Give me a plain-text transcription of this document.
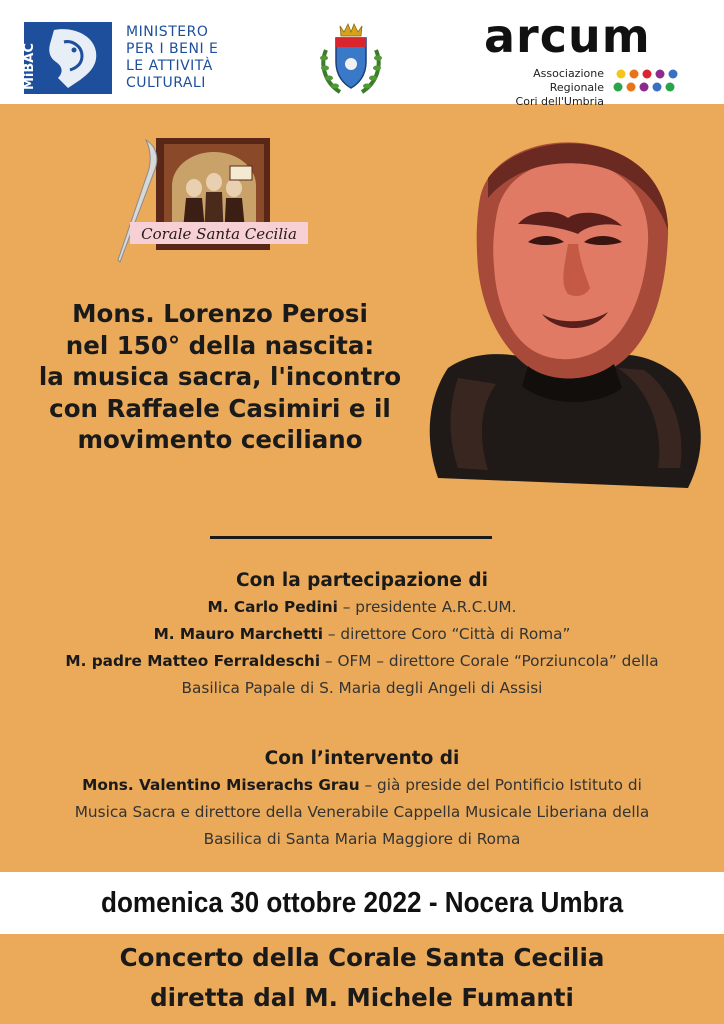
MiBAC
MINISTERO
PER I BENI E
LE ATTIVITÀ
CULTURALI
arcum
Associazione Regionale
Cori dell'Umbria
Corale Santa Cecilia
Mons. Lorenzo Perosi
nel 150° della nascita:
la musica sacra, l'incontro
con Raffaele Casimiri e il
movimento ceciliano
Con la partecipazione di
M. Carlo Pedini – presidente A.R.C.UM.
M. Mauro Marchetti – direttore Coro “Città di Roma”
M. padre Matteo Ferraldeschi – OFM – direttore Corale “Porziuncola” della
Basilica Papale di S. Maria degli Angeli di Assisi
Con l’intervento di
Mons. Valentino Miserachs Grau – già preside del Pontificio Istituto di
Musica Sacra e direttore della Venerabile Cappella Musicale Liberiana della
Basilica di Santa Maria Maggiore di Roma
domenica 30 ottobre 2022 - Nocera Umbra
Concerto della Corale Santa Cecilia
diretta dal M. Michele Fumanti
